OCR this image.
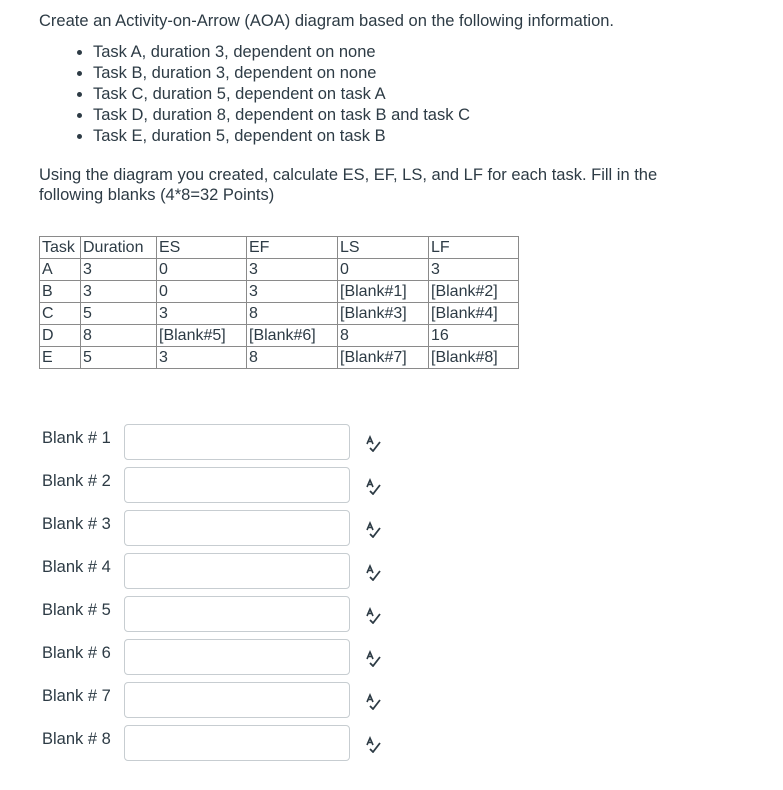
Create an Activity-on-Arrow (AOA) diagram based on the following information.

• Task A, duration 3, dependent on none
• Task B, duration 3, dependent on none
• Task C, duration 5, dependent on task A
• Task D, duration 8, dependent on task B and task C
• Task E, duration 5, dependent on task B

Using the diagram you created, calculate ES, EF, LS, and LF for each task. Fill in the following blanks (4*8=32 Points)

Task	Duration	ES	EF	LS	LF
A	3	0	3	0	3
B	3	0	3	[Blank#1]	[Blank#2]
C	5	3	8	[Blank#3]	[Blank#4]
D	8	[Blank#5]	[Blank#6]	8	16
E	5	3	8	[Blank#7]	[Blank#8]
Blank # 1
Blank # 2
Blank # 3
Blank # 4
Blank # 5
Blank # 6
Blank # 7
Blank # 8
